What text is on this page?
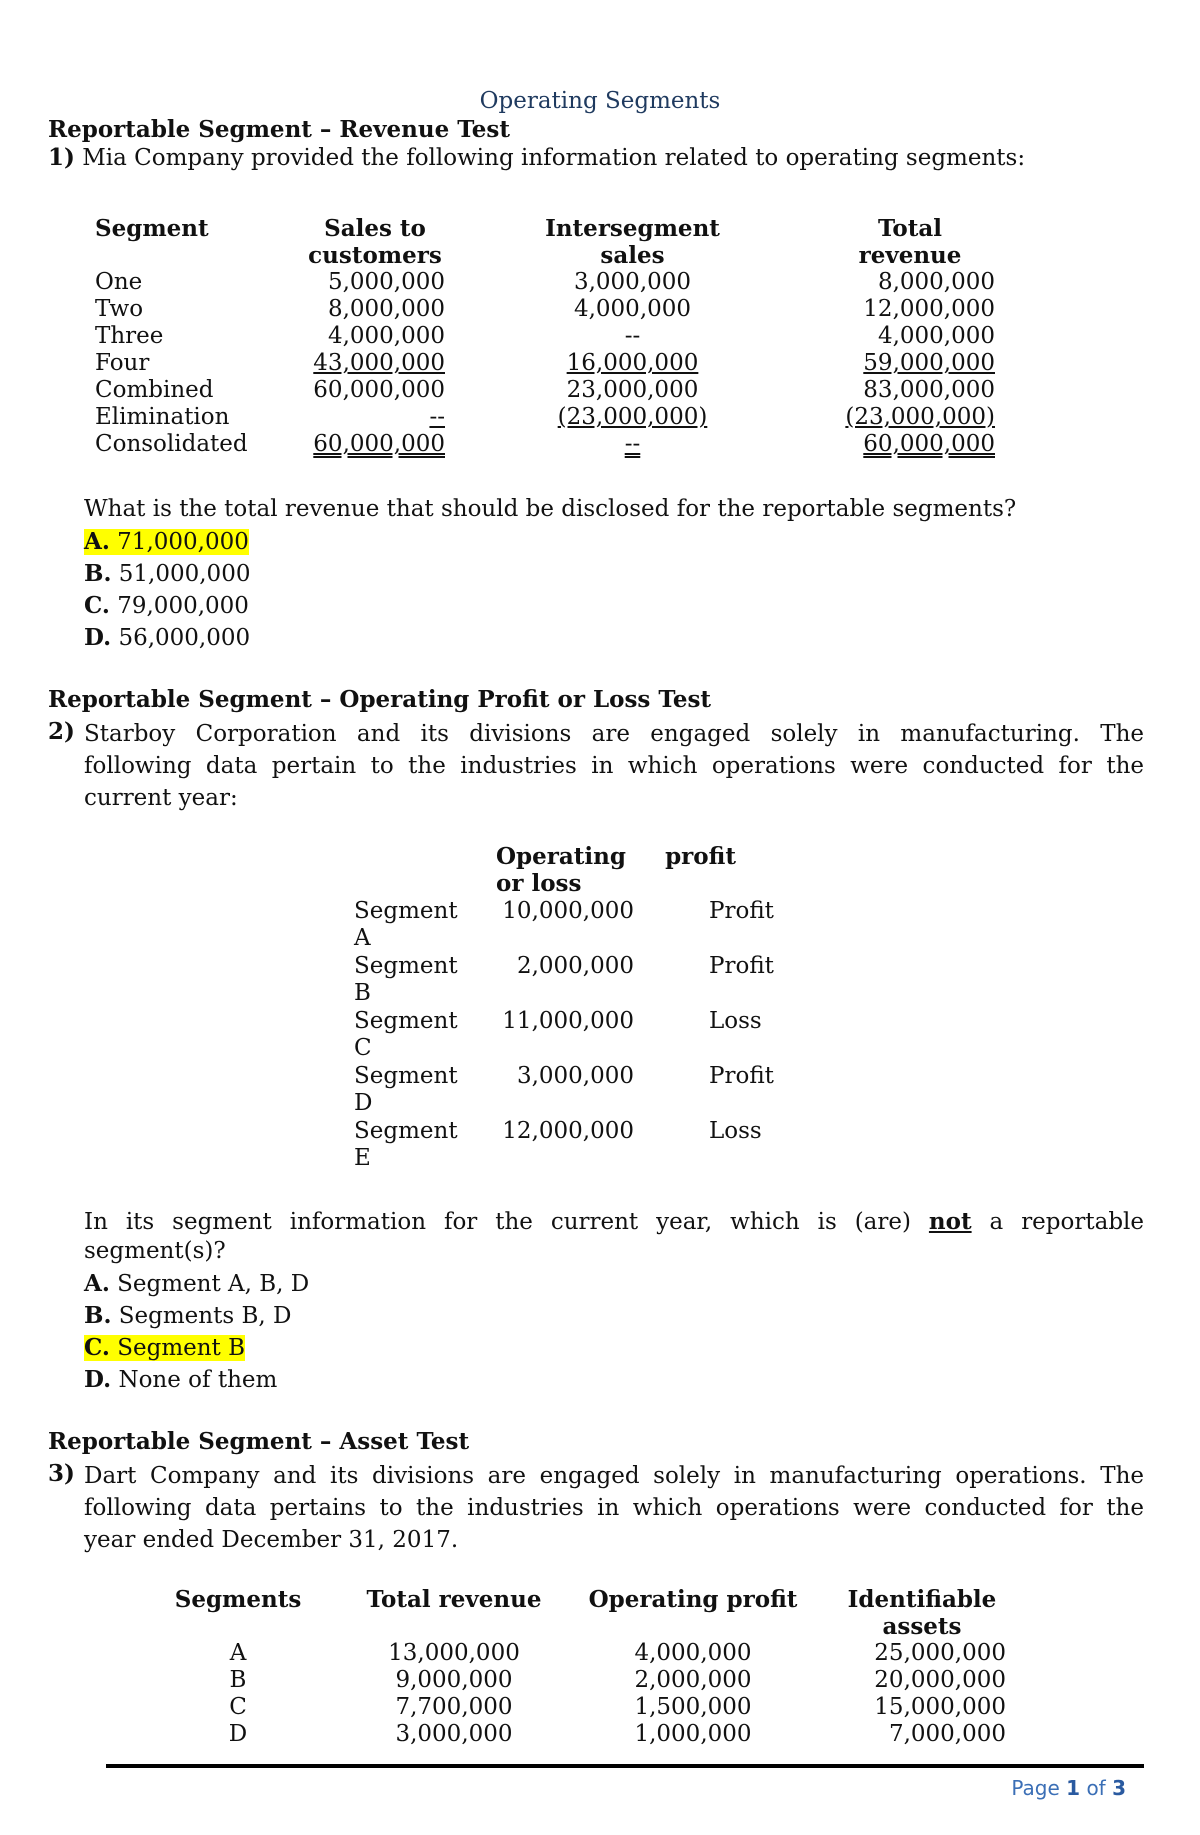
Operating Segments
Reportable Segment – Revenue Test
1) Mia Company provided the following information related to operating segments:
Segment	Sales to customers		Intersegment sales		Total revenue
One	5,000,000		3,000,000		8,000,000
Two	8,000,000		4,000,000		12,000,000
Three	4,000,000		--		4,000,000
Four	43,000,000		16,000,000		59,000,000
Combined	60,000,000		23,000,000		83,000,000
Elimination	--		(23,000,000)		(23,000,000)
Consolidated	60,000,000		--		60,000,000
What is the total revenue that should be disclosed for the reportable segments?
A. 71,000,000
B. 51,000,000
C. 79,000,000
D. 56,000,000
Reportable Segment – Operating Profit or Loss Test
2) Starboy Corporation and its divisions are engaged solely in manufacturing. The
following data pertain to the industries in which operations were conducted for the
current year:
Operating profit or loss
Segment
A	10,000,000		Profit
Segment
B	2,000,000		Profit
Segment
C	11,000,000		Loss
Segment
D	3,000,000		Profit
Segment
E	12,000,000		Loss
In its segment information for the current year, which is (are) not a reportable
segment(s)?
A. Segment A, B, D
B. Segments B, D
C. Segment B
D. None of them
Reportable Segment – Asset Test
3) Dart Company and its divisions are engaged solely in manufacturing operations. The
following data pertains to the industries in which operations were conducted for the
year ended December 31, 2017.
Segments		Total revenue		Operating profit		Identifiable assets
A		13,000,000		4,000,000		25,000,000
B		9,000,000		2,000,000		20,000,000
C		7,700,000		1,500,000		15,000,000
D		3,000,000		1,000,000		7,000,000
Page 1 of 3
